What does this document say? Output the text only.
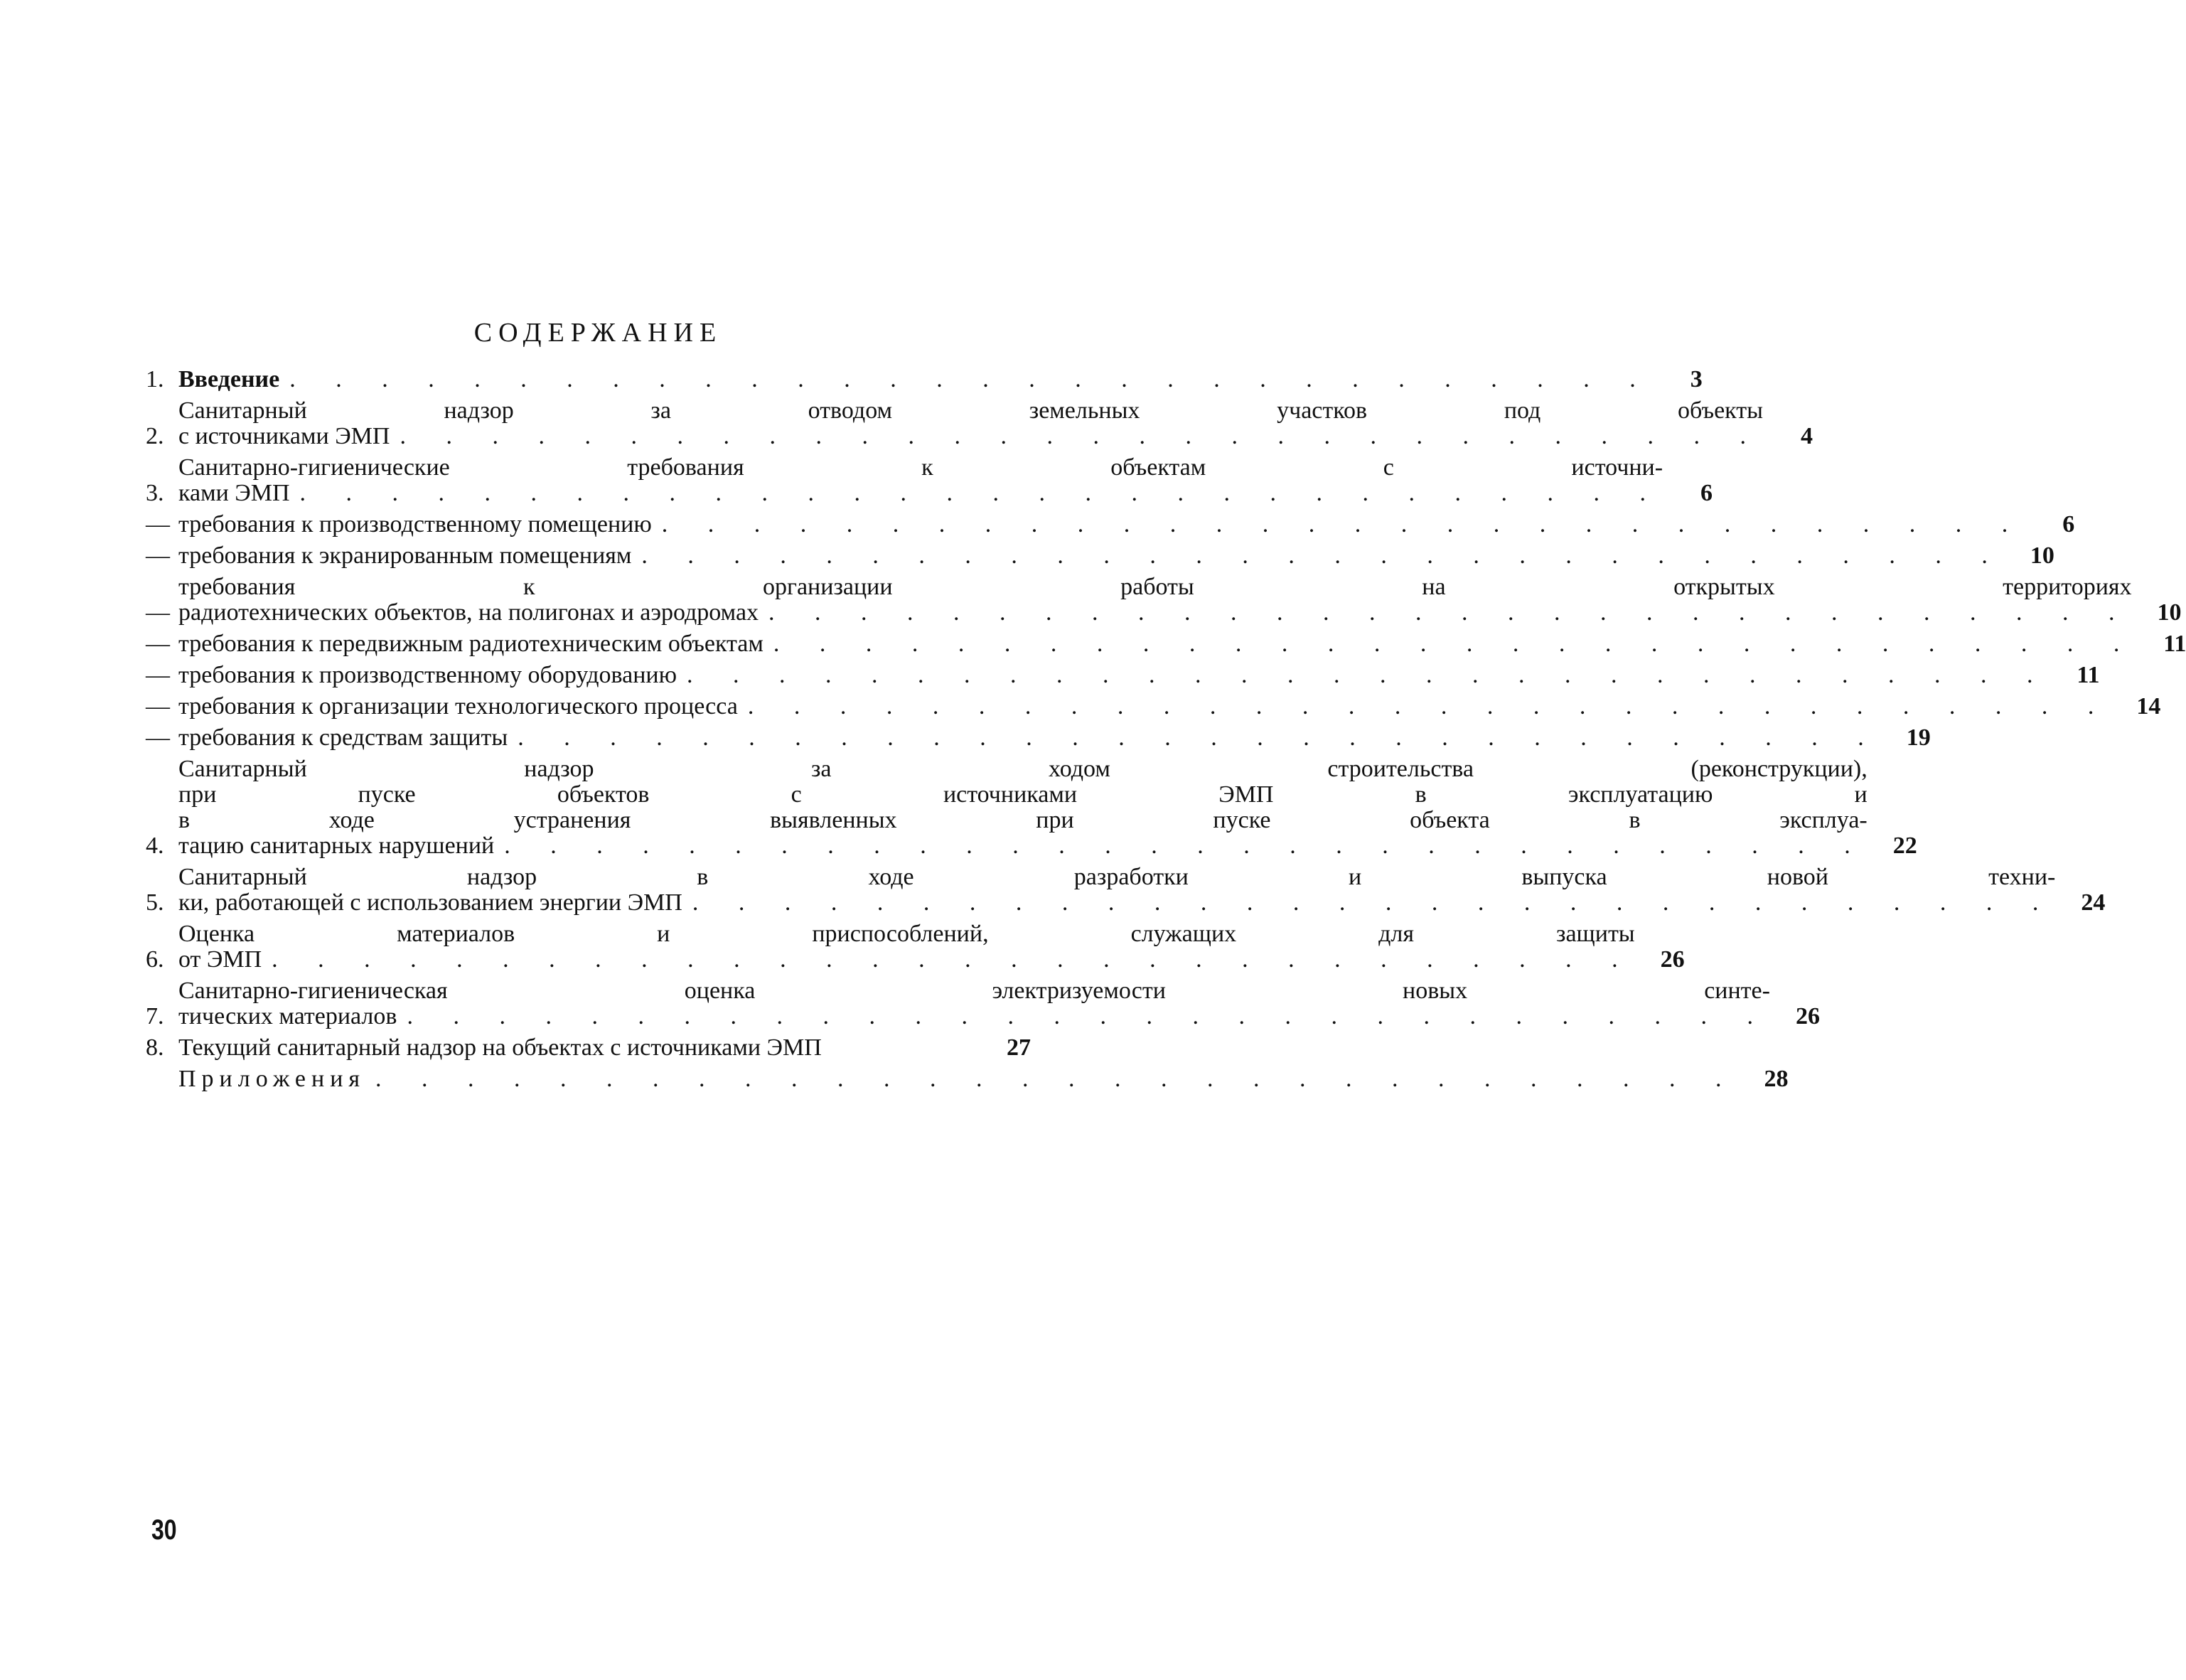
СОДЕРЖАНИЕ
1. Введение . . . . . . . . . . . . . . . . . . . . . . . . . . . . . .	3
2.
Санитарный надзор за отводом земельных участков под объекты
с источниками ЭМП . . . . . . . . . . . . . . . . . . . . . . . . . . . . . .	4
3.
Санитарно-гигиенические требования к объектам с источни-
ками ЭМП . . . . . . . . . . . . . . . . . . . . . . . . . . . . . .	6
— требования к производственному помещению . . . . . . . . . . . . . . . . . . . . . . . . . . . . . .	6
— требования к экранированным помещениям . . . . . . . . . . . . . . . . . . . . . . . . . . . . . .	10
—
требования к организации работы на открытых территориях
радиотехнических объектов, на полигонах и аэродромах . . . . . . . . . . . . . . . . . . . . . . . . . . . . . .	10
— требования к передвижным радиотехническим объектам . . . . . . . . . . . . . . . . . . . . . . . . . . . . . .	11
— требования к производственному оборудованию . . . . . . . . . . . . . . . . . . . . . . . . . . . . . .	11
— требования к организации технологического процесса . . . . . . . . . . . . . . . . . . . . . . . . . . . . . .	14
— требования к средствам защиты . . . . . . . . . . . . . . . . . . . . . . . . . . . . . .	19
4.
Санитарный надзор за ходом строительства (реконструкции),
при пуске объектов с источниками ЭМП в эксплуатацию и
в ходе устранения выявленных при пуске объекта в эксплуа-
тацию санитарных нарушений . . . . . . . . . . . . . . . . . . . . . . . . . . . . . .	22
5.
Санитарный надзор в ходе разработки и выпуска новой техни-
ки, работающей с использованием энергии ЭМП . . . . . . . . . . . . . . . . . . . . . . . . . . . . . .	24
6.
Оценка материалов и приспособлений, служащих для защиты
от ЭМП . . . . . . . . . . . . . . . . . . . . . . . . . . . . . .	26
7.
Санитарно-гигиеническая оценка электризуемости новых синте-
тических материалов . . . . . . . . . . . . . . . . . . . . . . . . . . . . . .	26
8. Текущий санитарный надзор на объектах с источниками ЭМП	27
Приложения . . . . . . . . . . . . . . . . . . . . . . . . . . . . . .	28
30
